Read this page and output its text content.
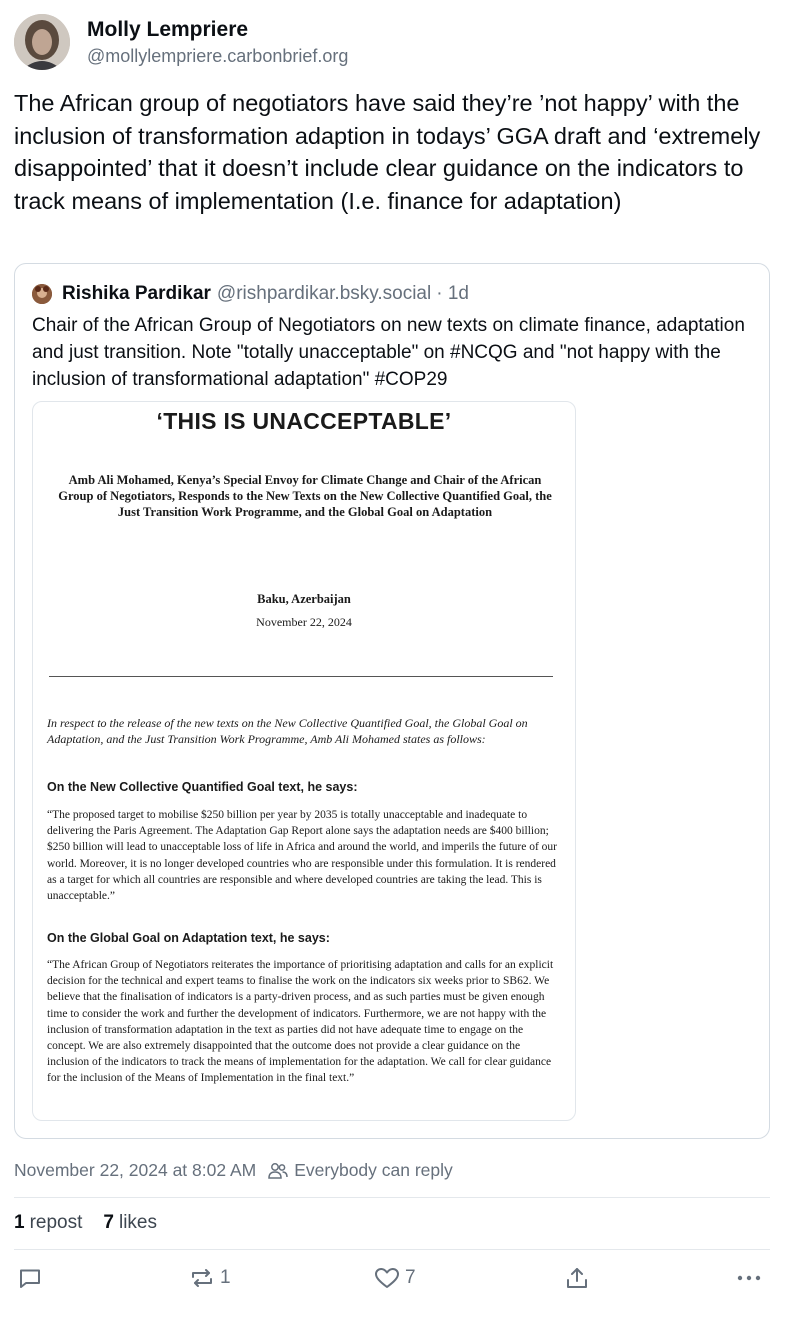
Molly Lempriere
@mollylempriere.carbonbrief.org
The African group of negotiators have said they’re ’not happy’ with the inclusion of transformation adaption in todays’ GGA draft and ‘extremely disappointed’ that it doesn’t include clear guidance on the indicators to track means of implementation (I.e. finance for adaptation)
Rishika Pardikar @rishpardikar.bsky.social · 1d
Chair of the African Group of Negotiators on new texts on climate finance, adaptation and just transition. Note "totally unacceptable" on #NCQG and "not happy with the inclusion of transformational adaptation" #COP29
‘THIS IS UNACCEPTABLE’
Amb Ali Mohamed, Kenya’s Special Envoy for Climate Change and Chair of the African Group of Negotiators, Responds to the New Texts on the New Collective Quantified Goal, the Just Transition Work Programme, and the Global Goal on Adaptation
Baku, Azerbaijan
November 22, 2024
In respect to the release of the new texts on the New Collective Quantified Goal, the Global Goal on Adaptation, and the Just Transition Work Programme, Amb Ali Mohamed states as follows:
On the New Collective Quantified Goal text, he says:
“The proposed target to mobilise $250 billion per year by 2035 is totally unacceptable and inadequate to delivering the Paris Agreement. The Adaptation Gap Report alone says the adaptation needs are $400 billion; $250 billion will lead to unacceptable loss of life in Africa and around the world, and imperils the future of our world. Moreover, it is no longer developed countries who are responsible under this formulation. It is rendered as a target for which all countries are responsible and where developed countries are taking the lead. This is unacceptable.”
On the Global Goal on Adaptation text, he says:
“The African Group of Negotiators reiterates the importance of prioritising adaptation and calls for an explicit decision for the technical and expert teams to finalise the work on the indicators six weeks prior to SB62. We believe that the finalisation of indicators is a party-driven process, and as such parties must be given enough time to consider the work and further the development of indicators. Furthermore, we are not happy with the inclusion of transformation adaptation in the text as parties did not have adequate time to engage on the concept. We are also extremely disappointed that the outcome does not provide a clear guidance on the inclusion of the indicators to track the means of implementation for the adaptation. We call for clear guidance for the inclusion of the Means of Implementation in the final text.”
November 22, 2024 at 8:02 AM Everybody can reply
1 repost 7 likes
1	7
